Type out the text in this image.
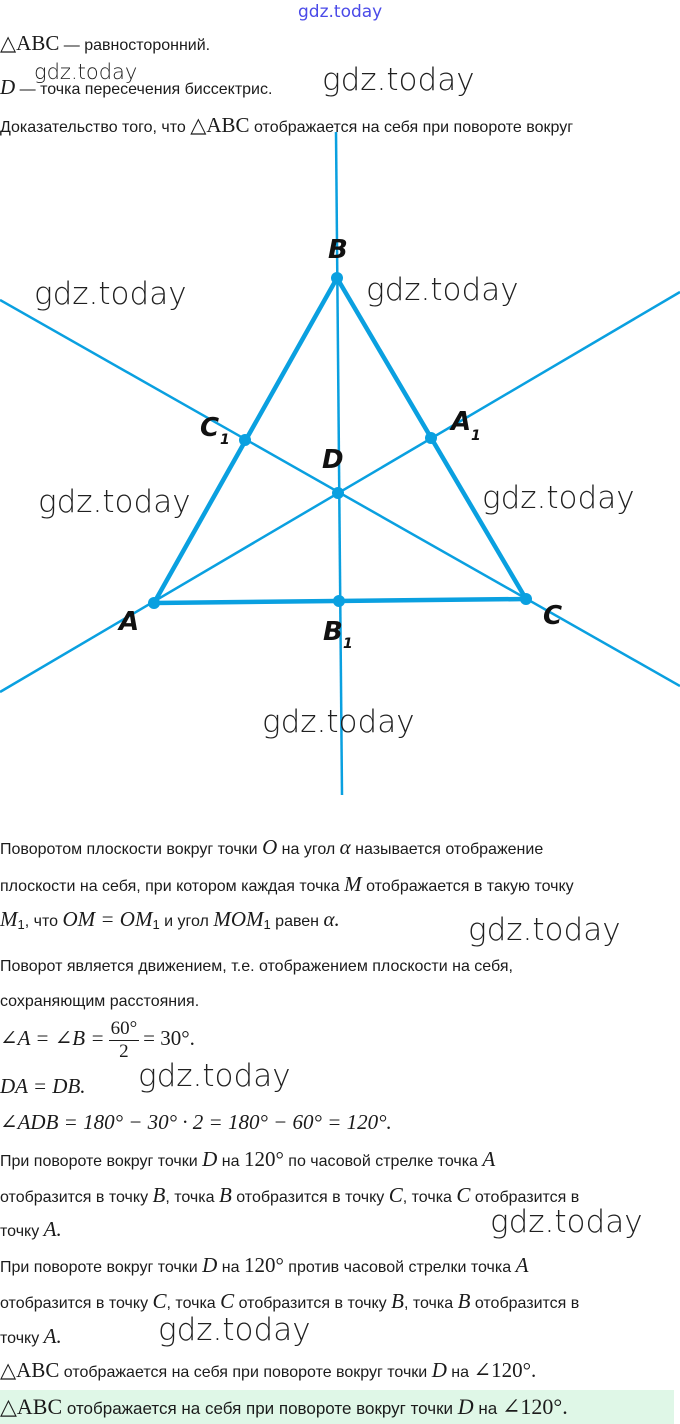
gdz.today
△ABC — равносторонний.
D — точка пересечения биссектрис.
Доказательство того, что △ABC отображается на себя при повороте вокруг
gdz.today	gdz.today
B
A	C
D
C 1
A 1
B 1
gdz.today	gdz.today
gdz.today	gdz.today
gdz.today
Поворотом плоскости вокруг точки O на угол α называется отображение
плоскости на себя, при котором каждая точка M отображается в такую точку
$M_1$, что OM = $OM_1$ и угол $MOM_1$ равен α.	gdz.today
Поворот является движением, т.е. отображением плоскости на себя,
сохраняющим расстояния.
∠A = ∠B = $\frac{60^\circ}{2} = 30^\circ$.
DA = DB. gdz.today
∠ADB = 180° − 30° · 2 = 180° − 60° = 120°.
При повороте вокруг точки D на 120° по часовой стрелке точка A
отобразится в точку B, точка B отобразится в точку C, точка C отобразится в
точку A.	gdz.today
При повороте вокруг точки D на 120° против часовой стрелки точка A
отобразится в точку C, точка C отобразится в точку B, точка B отобразится в
точку A.	gdz.today
△ABC отображается на себя при повороте вокруг точки D на ∠120°.
△ABC отображается на себя при повороте вокруг точки D на ∠120°.
